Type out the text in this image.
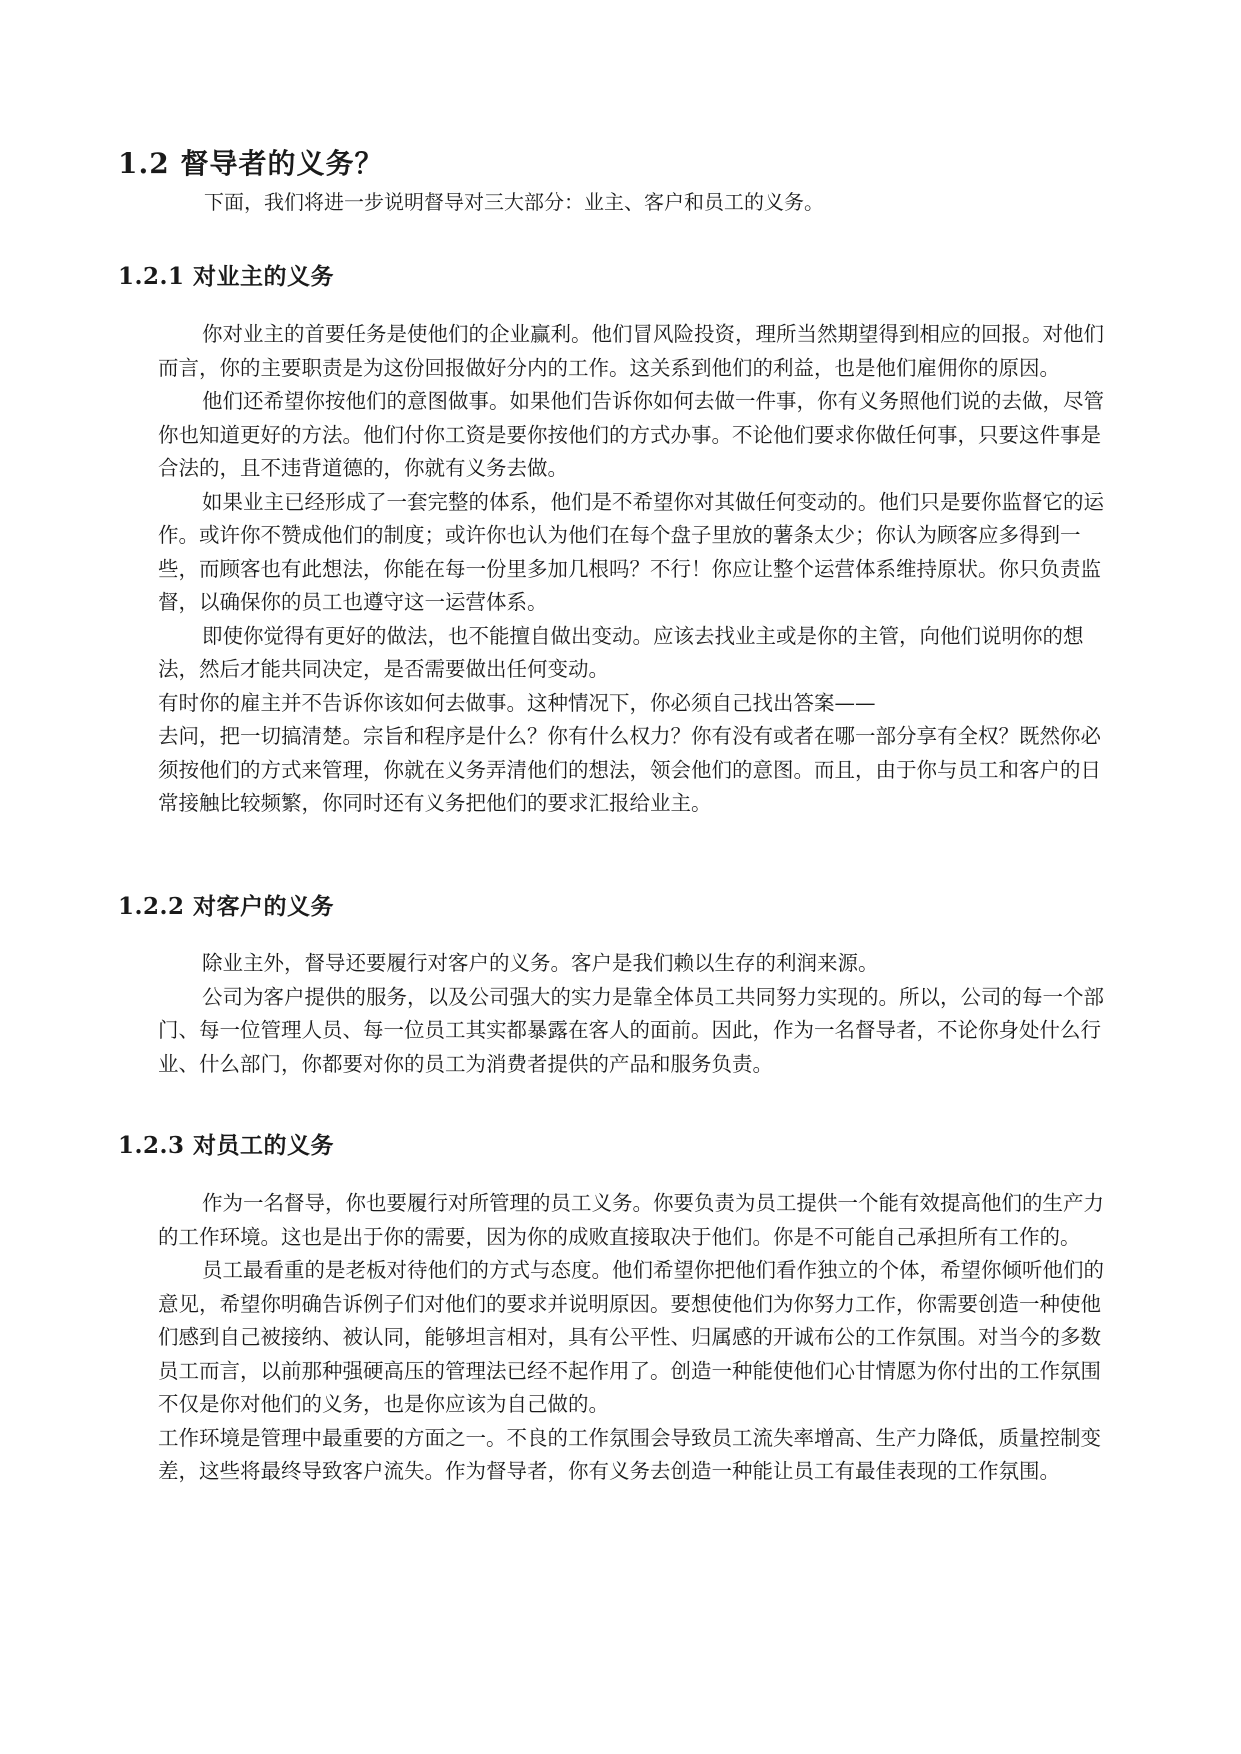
1.2 督导者的义务？
下面，我们将进一步说明督导对三大部分：业主、客户和员工的义务。
1.2.1 对业主的义务

你对业主的首要任务是使他们的企业赢利。他们冒风险投资，理所当然期望得到相应的回报。对他们而言，你的主要职责是为这份回报做好分内的工作。这关系到他们的利益，也是他们雇佣你的原因。

他们还希望你按他们的意图做事。如果他们告诉你如何去做一件事，你有义务照他们说的去做，尽管你也知道更好的方法。他们付你工资是要你按他们的方式办事。不论他们要求你做任何事，只要这件事是合法的，且不违背道德的，你就有义务去做。

如果业主已经形成了一套完整的体系，他们是不希望你对其做任何变动的。他们只是要你监督它的运作。或许你不赞成他们的制度；或许你也认为他们在每个盘子里放的薯条太少；你认为顾客应多得到一些，而顾客也有此想法，你能在每一份里多加几根吗？不行！你应让整个运营体系维持原状。你只负责监督，以确保你的员工也遵守这一运营体系。

即使你觉得有更好的做法，也不能擅自做出变动。应该去找业主或是你的主管，向他们说明你的想法，然后才能共同决定，是否需要做出任何变动。

有时你的雇主并不告诉你该如何去做事。这种情况下，你必须自己找出答案——

去问，把一切搞清楚。宗旨和程序是什么？你有什么权力？你有没有或者在哪一部分享有全权？既然你必须按他们的方式来管理，你就在义务弄清他们的想法，领会他们的意图。而且，由于你与员工和客户的日常接触比较频繁，你同时还有义务把他们的要求汇报给业主。

1.2.2 对客户的义务

除业主外，督导还要履行对客户的义务。客户是我们赖以生存的利润来源。

公司为客户提供的服务，以及公司强大的实力是靠全体员工共同努力实现的。所以，公司的每一个部门、每一位管理人员、每一位员工其实都暴露在客人的面前。因此，作为一名督导者，不论你身处什么行业、什么部门，你都要对你的员工为消费者提供的产品和服务负责。

1.2.3 对员工的义务

作为一名督导，你也要履行对所管理的员工义务。你要负责为员工提供一个能有效提高他们的生产力的工作环境。这也是出于你的需要，因为你的成败直接取决于他们。你是不可能自己承担所有工作的。

员工最看重的是老板对待他们的方式与态度。他们希望你把他们看作独立的个体，希望你倾听他们的意见，希望你明确告诉例子们对他们的要求并说明原因。要想使他们为你努力工作，你需要创造一种使他们感到自己被接纳、被认同，能够坦言相对，具有公平性、归属感的开诚布公的工作氛围。对当今的多数员工而言，以前那种强硬高压的管理法已经不起作用了。创造一种能使他们心甘情愿为你付出的工作氛围不仅是你对他们的义务，也是你应该为自己做的。

工作环境是管理中最重要的方面之一。不良的工作氛围会导致员工流失率增高、生产力降低，质量控制变差，这些将最终导致客户流失。作为督导者，你有义务去创造一种能让员工有最佳表现的工作氛围。
